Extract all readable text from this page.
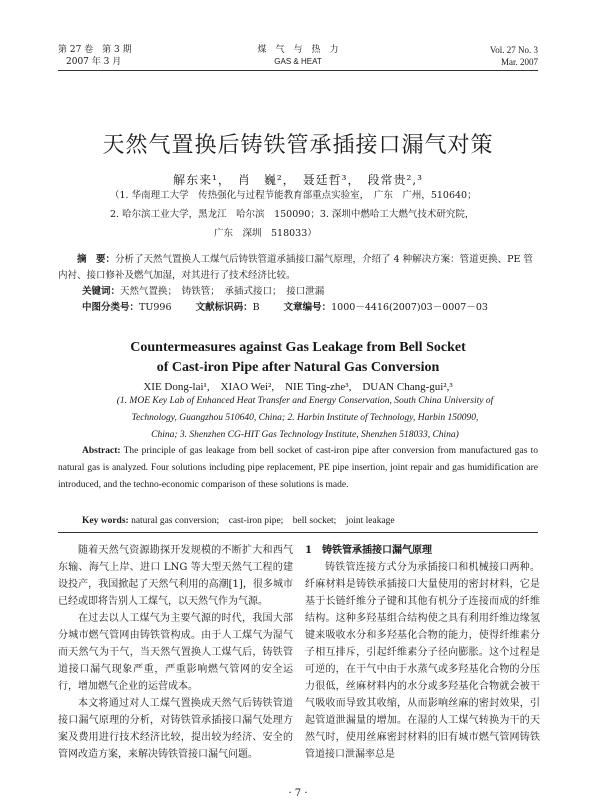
第 27 卷　第 3 期
2007 年 3 月
煤　气　与　热　力
GAS & HEAT
Vol. 27 No. 3
Mar. 2007
天然气置换后铸铁管承插接口漏气对策
解东来¹，　肖　巍²，　聂廷哲³，　段常贵²,³
（1. 华南理工大学　传热强化与过程节能教育部重点实验室，　广东　广州，510640；
2. 哈尔滨工业大学，黑龙江　哈尔滨　150090；3. 深圳中燃哈工大燃气技术研究院，
广东　深圳　518033）

摘　要：分析了天然气置换人工煤气后铸铁管道承插接口漏气原理，介绍了 4 种解决方案：管道更换、PE 管内衬、接口修补及燃气加湿，对其进行了技术经济比较。

关键词：天然气置换；　铸铁管；　承插式接口；　接口泄漏

中图分类号：TU996	文献标识码：B	文章编号：1000－4416(2007)03－0007－03

Countermeasures against Gas Leakage from Bell Socket
of Cast-iron Pipe after Natural Gas Conversion
XIE Dong-lai¹,　XIAO Wei²,　NIE Ting-zhe³,　DUAN Chang-gui²,³
(1. MOE Key Lab of Enhanced Heat Transfer and Energy Conservation, South China University of
Technology, Guangzhou 510640, China; 2. Harbin Institute of Technology, Harbin 150090,
China; 3. Shenzhen CG-HIT Gas Technology Institute, Shenzhen 518033, China)
Abstract: The principle of gas leakage from bell socket of cast-iron pipe after conversion from manufactured gas to natural gas is analyzed. Four solutions including pipe replacement, PE pipe insertion, joint repair and gas humidification are introduced, and the techno-economic comparison of these solutions is made.
Key words: natural gas conversion;　cast-iron pipe;　bell socket;　joint leakage

随着天然气资源勘探开发规模的不断扩大和西气东输、海气上岸、进口 LNG 等大型天然气工程的建设投产，我国掀起了天然气利用的高潮[1]，很多城市已经或即将告别人工煤气，以天然气作为气源。

在过去以人工煤气为主要气源的时代，我国大部分城市燃气管网由铸铁管构成。由于人工煤气为湿气而天然气为干气，当天然气置换人工煤气后，铸铁管道接口漏气现象严重，严重影响燃气管网的安全运行，增加燃气企业的运营成本。

本文将通过对人工煤气置换成天然气后铸铁管道接口漏气原理的分析，对铸铁管承插接口漏气处理方案及费用进行技术经济比较，提出较为经济、安全的管网改造方案，来解决铸铁管接口漏气问题。

1　铸铁管承插接口漏气原理

铸铁管连接方式分为承插接口和机械接口两种。纤麻材料是铸铁承插接口大量使用的密封材料，它是基于长链纤维分子键和其他有机分子连接而成的纤维结构。这种多羟基组合结构使之具有利用纤维边缘氢键来吸收水分和多羟基化合物的能力，使得纤维素分子相互排斥，引起纤维素分子径向膨胀。这个过程是可逆的，在干气中由于水蒸气或多羟基化合物的分压力很低，丝麻材料内的水分或多羟基化合物就会被干气吸收而导致其收缩，从而影响丝麻的密封效果，引起管道泄漏量的增加。在湿的人工煤气转换为干的天然气时，使用丝麻密封材料的旧有城市燃气管网铸铁管道接口泄漏率总是

· 7 ·
